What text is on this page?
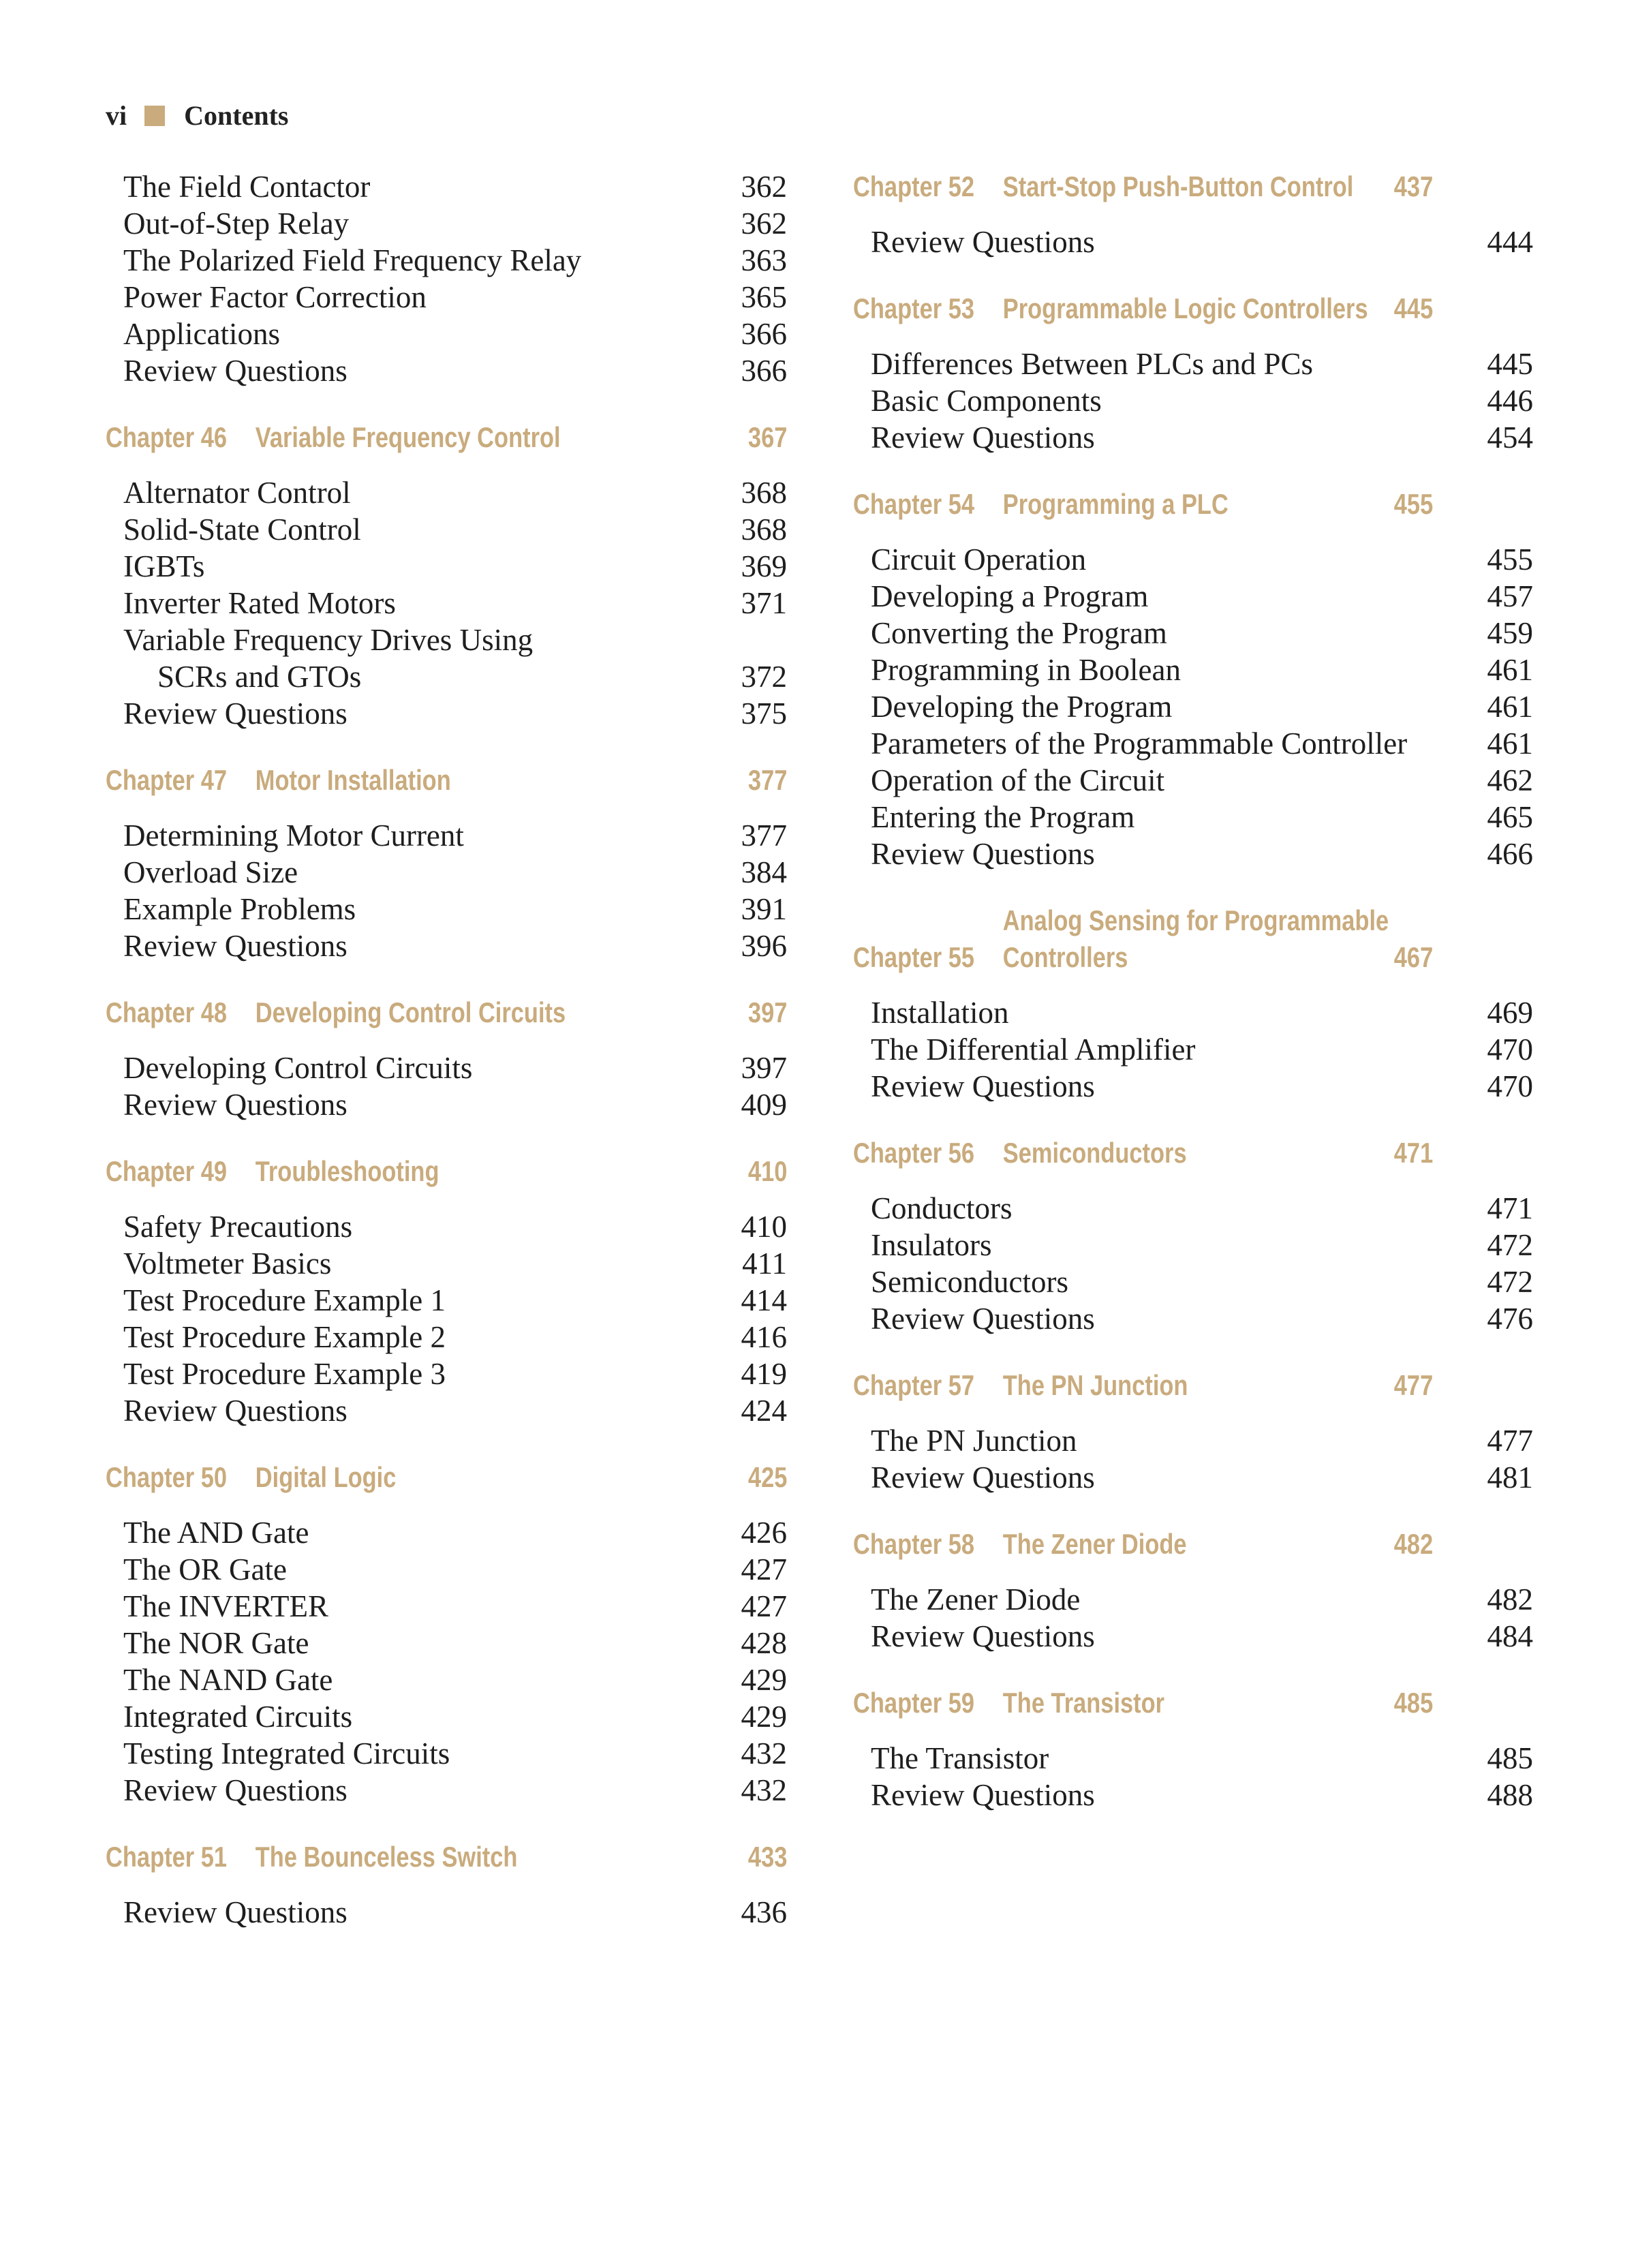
vi Contents
The Field Contactor	362
Out-of-Step Relay	362
The Polarized Field Frequency Relay	363
Power Factor Correction	365
Applications	366
Review Questions	366
Chapter 46 Variable Frequency Control	367
Alternator Control	368
Solid-State Control	368
IGBTs	369
Inverter Rated Motors	371
Variable Frequency Drives Using
SCRs and GTOs	372
Review Questions	375
Chapter 47 Motor Installation	377
Determining Motor Current	377
Overload Size	384
Example Problems	391
Review Questions	396
Chapter 48 Developing Control Circuits	397
Developing Control Circuits	397
Review Questions	409
Chapter 49 Troubleshooting	410
Safety Precautions	410
Voltmeter Basics	411
Test Procedure Example 1	414
Test Procedure Example 2	416
Test Procedure Example 3	419
Review Questions	424
Chapter 50 Digital Logic	425
The AND Gate	426
The OR Gate	427
The INVERTER	427
The NOR Gate	428
The NAND Gate	429
Integrated Circuits	429
Testing Integrated Circuits	432
Review Questions	432
Chapter 51 The Bounceless Switch	433
Review Questions	436
Chapter 52 Start-Stop Push-Button Control	437
Review Questions	444
Chapter 53 Programmable Logic Controllers 445
Differences Between PLCs and PCs	445
Basic Components	446
Review Questions	454
Chapter 54 Programming a PLC	455
Circuit Operation	455
Developing a Program	457
Converting the Program	459
Programming in Boolean	461
Developing the Program	461
Parameters of the Programmable Controller	461
Operation of the Circuit	462
Entering the Program	465
Review Questions	466
Chapter 55
Analog Sensing for Programmable Controllers	467
Installation	469
The Differential Amplifier	470
Review Questions	470
Chapter 56 Semiconductors	471
Conductors	471
Insulators	472
Semiconductors	472
Review Questions	476
Chapter 57 The PN Junction	477
The PN Junction	477
Review Questions	481
Chapter 58 The Zener Diode	482
The Zener Diode	482
Review Questions	484
Chapter 59 The Transistor	485
The Transistor	485
Review Questions	488
